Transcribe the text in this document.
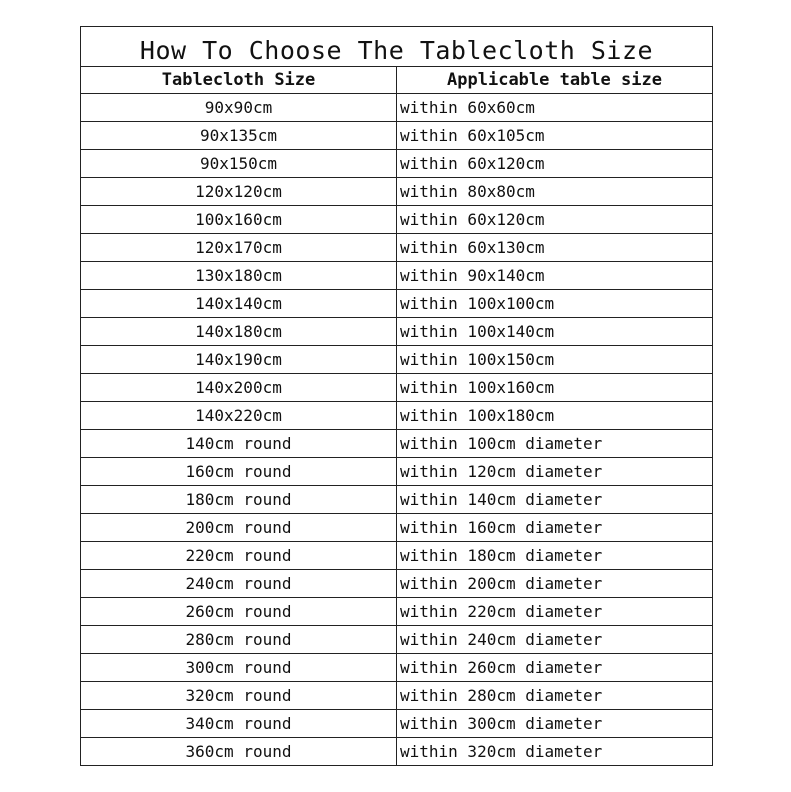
How To Choose The Tablecloth Size	
Tablecloth Size	Applicable table size
90x90cm	within 60x60cm
90x135cm	within 60x105cm
90x150cm	within 60x120cm
120x120cm	within 80x80cm
100x160cm	within 60x120cm
120x170cm	within 60x130cm
130x180cm	within 90x140cm
140x140cm	within 100x100cm
140x180cm	within 100x140cm
140x190cm	within 100x150cm
140x200cm	within 100x160cm
140x220cm	within 100x180cm
140cm round	within 100cm diameter
160cm round	within 120cm diameter
180cm round	within 140cm diameter
200cm round	within 160cm diameter
220cm round	within 180cm diameter
240cm round	within 200cm diameter
260cm round	within 220cm diameter
280cm round	within 240cm diameter
300cm round	within 260cm diameter
320cm round	within 280cm diameter
340cm round	within 300cm diameter
360cm round	within 320cm diameter
